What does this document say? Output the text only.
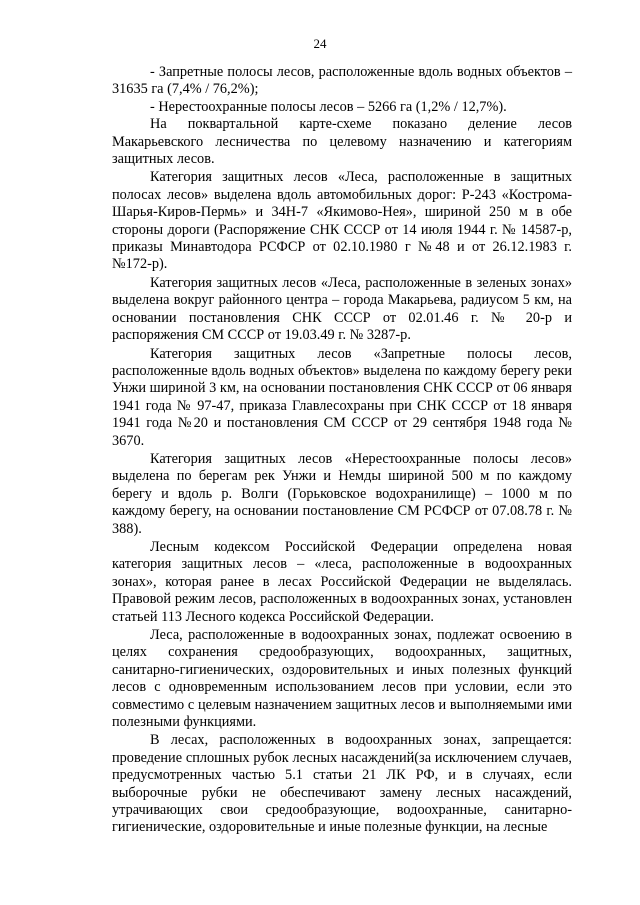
24

- Запретные полосы лесов, расположенные вдоль водных объектов – 31635 га (7,4% / 76,2%);

- Нерестоохранные полосы лесов – 5266 га (1,2% / 12,7%).

На поквартальной карте-схеме показано деление лесов Макарьевского лесничества по целевому назначению и категориям защитных лесов.

Категория защитных лесов «Леса, расположенные в защитных полосах лесов» выделена вдоль автомобильных дорог: Р-243 «Кострома-Шарья-Киров-Пермь» и 34Н-7 «Якимово-Нея», шириной 250 м в обе стороны дороги (Распоряжение СНК СССР от 14 июля 1944 г. № 14587-р, приказы Минавтодора РСФСР от 02.10.1980 г №48 и от 26.12.1983 г. №172-р).

Категория защитных лесов «Леса, расположенные в зеленых зонах» выделена вокруг районного центра – города Макарьева, радиусом 5 км, на основании постановления СНК СССР от 02.01.46 г. № 20-р и распоряжения СМ СССР от 19.03.49 г. № 3287-р.

Категория защитных лесов «Запретные полосы лесов, расположенные вдоль водных объектов» выделена по каждому берегу реки Унжи шириной 3 км, на основании постановления СНК СССР от 06 января 1941 года № 97-47, приказа Главлесохраны при СНК СССР от 18 января 1941 года №20 и постановления СМ СССР от 29 сентября 1948 года № 3670.

Категория защитных лесов «Нерестоохранные полосы лесов» выделена по берегам рек Унжи и Немды шириной 500 м по каждому берегу и вдоль р. Волги (Горьковское водохранилище) – 1000 м по каждому берегу, на основании постановление СМ РСФСР от 07.08.78 г. № 388).

Лесным кодексом Российской Федерации определена новая категория защитных лесов – «леса, расположенные в водоохранных зонах», которая ранее в лесах Российской Федерации не выделялась. Правовой режим лесов, расположенных в водоохранных зонах, установлен статьей 113 Лесного кодекса Российской Федерации.

Леса, расположенные в водоохранных зонах, подлежат освоению в целях сохранения средообразующих, водоохранных, защитных, санитарно-гигиенических, оздоровительных и иных полезных функций лесов с одновременным использованием лесов при условии, если это совместимо с целевым назначением защитных лесов и выполняемыми ими полезными функциями.

В лесах, расположенных в водоохранных зонах, запрещается: проведение сплошных рубок лесных насаждений(за исключением случаев, предусмотренных частью 5.1 статьи 21 ЛК РФ, и в случаях, если выборочные рубки не обеспечивают замену лесных насаждений, утрачивающих свои средообразующие, водоохранные, санитарно-гигиенические, оздоровительные и иные полезные функции, на лесные
